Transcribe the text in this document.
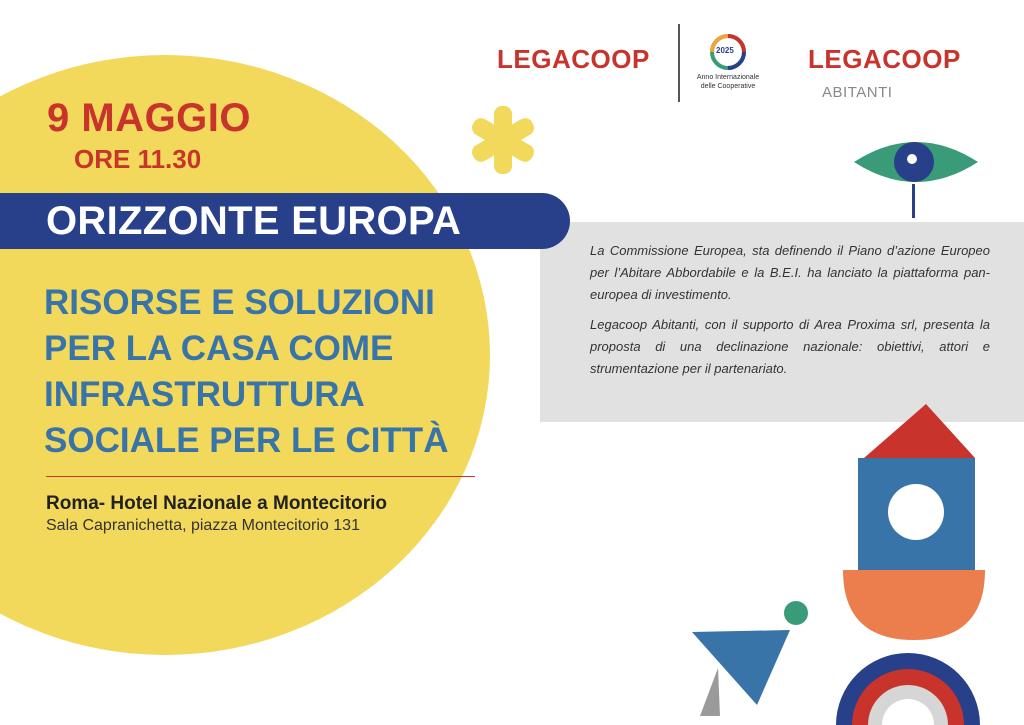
LEGACOOP	2025
Anno Internazionale
delle Cooperative
LEGACOOP
ABITANTI
9 MAGGIO
ORE 11.30
ORIZZONTE EUROPA
RISORSE E SOLUZIONI
PER LA CASA COME
INFRASTRUTTURA
SOCIALE PER LE CITTÀ
Roma- Hotel Nazionale a Montecitorio
Sala Capranichetta, piazza Montecitorio 131

La Commissione Europea, sta definendo il Piano d’azione Europeo per l’Abitare Abbordabile e la B.E.I. ha lanciato la piattaforma pan-europea di investimento.

Legacoop Abitanti, con il supporto di Area Proxima srl, presenta la proposta di una declinazione nazionale: obiettivi, attori e strumentazione per il partenariato.
